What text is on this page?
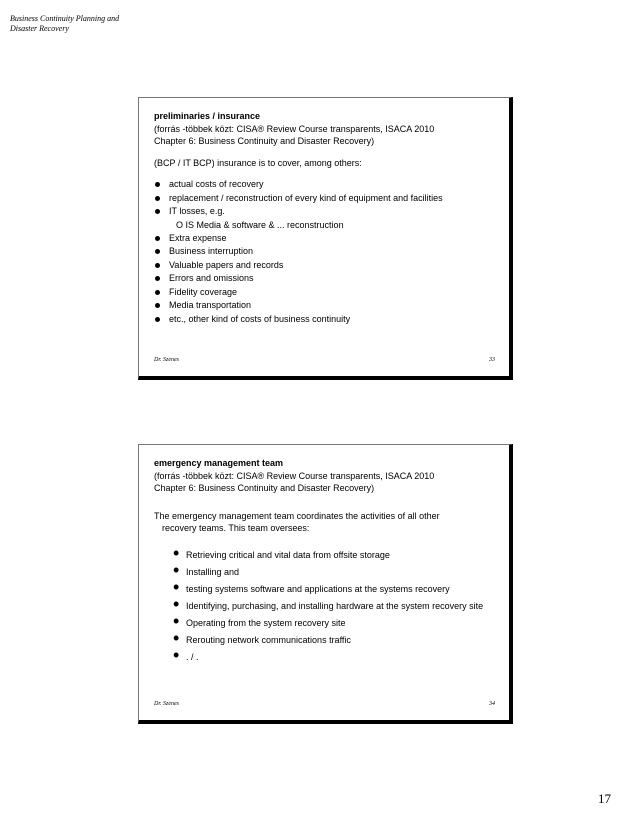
Business Continuity Planning and
Disaster Recovery
preliminaries / insurance
(forrás -többek közt: CISA® Review Course transparents, ISACA 2010
Chapter 6: Business Continuity and Disaster Recovery)
(BCP / IT BCP) insurance is to cover, among others:
actual costs of recovery
replacement / reconstruction of every kind of equipment and facilities
IT losses, e.g.
O IS Media & software & ... reconstruction
Extra expense
Business interruption
Valuable papers and records
Errors and omissions
Fidelity coverage
Media transportation
etc., other kind of costs of business continuity
Dr. Szenes	33
emergency management team
(forrás -többek közt: CISA® Review Course transparents, ISACA 2010
Chapter 6: Business Continuity and Disaster Recovery)
The emergency management team coordinates the activities of all other
recovery teams. This team oversees:
• Retrieving critical and vital data from offsite storage
• Installing and
• testing systems software and applications at the systems recovery
• Identifying, purchasing, and installing hardware at the system recovery site
• Operating from the system recovery site
• Rerouting network communications traffic
• . / .
Dr. Szenes	34
17
